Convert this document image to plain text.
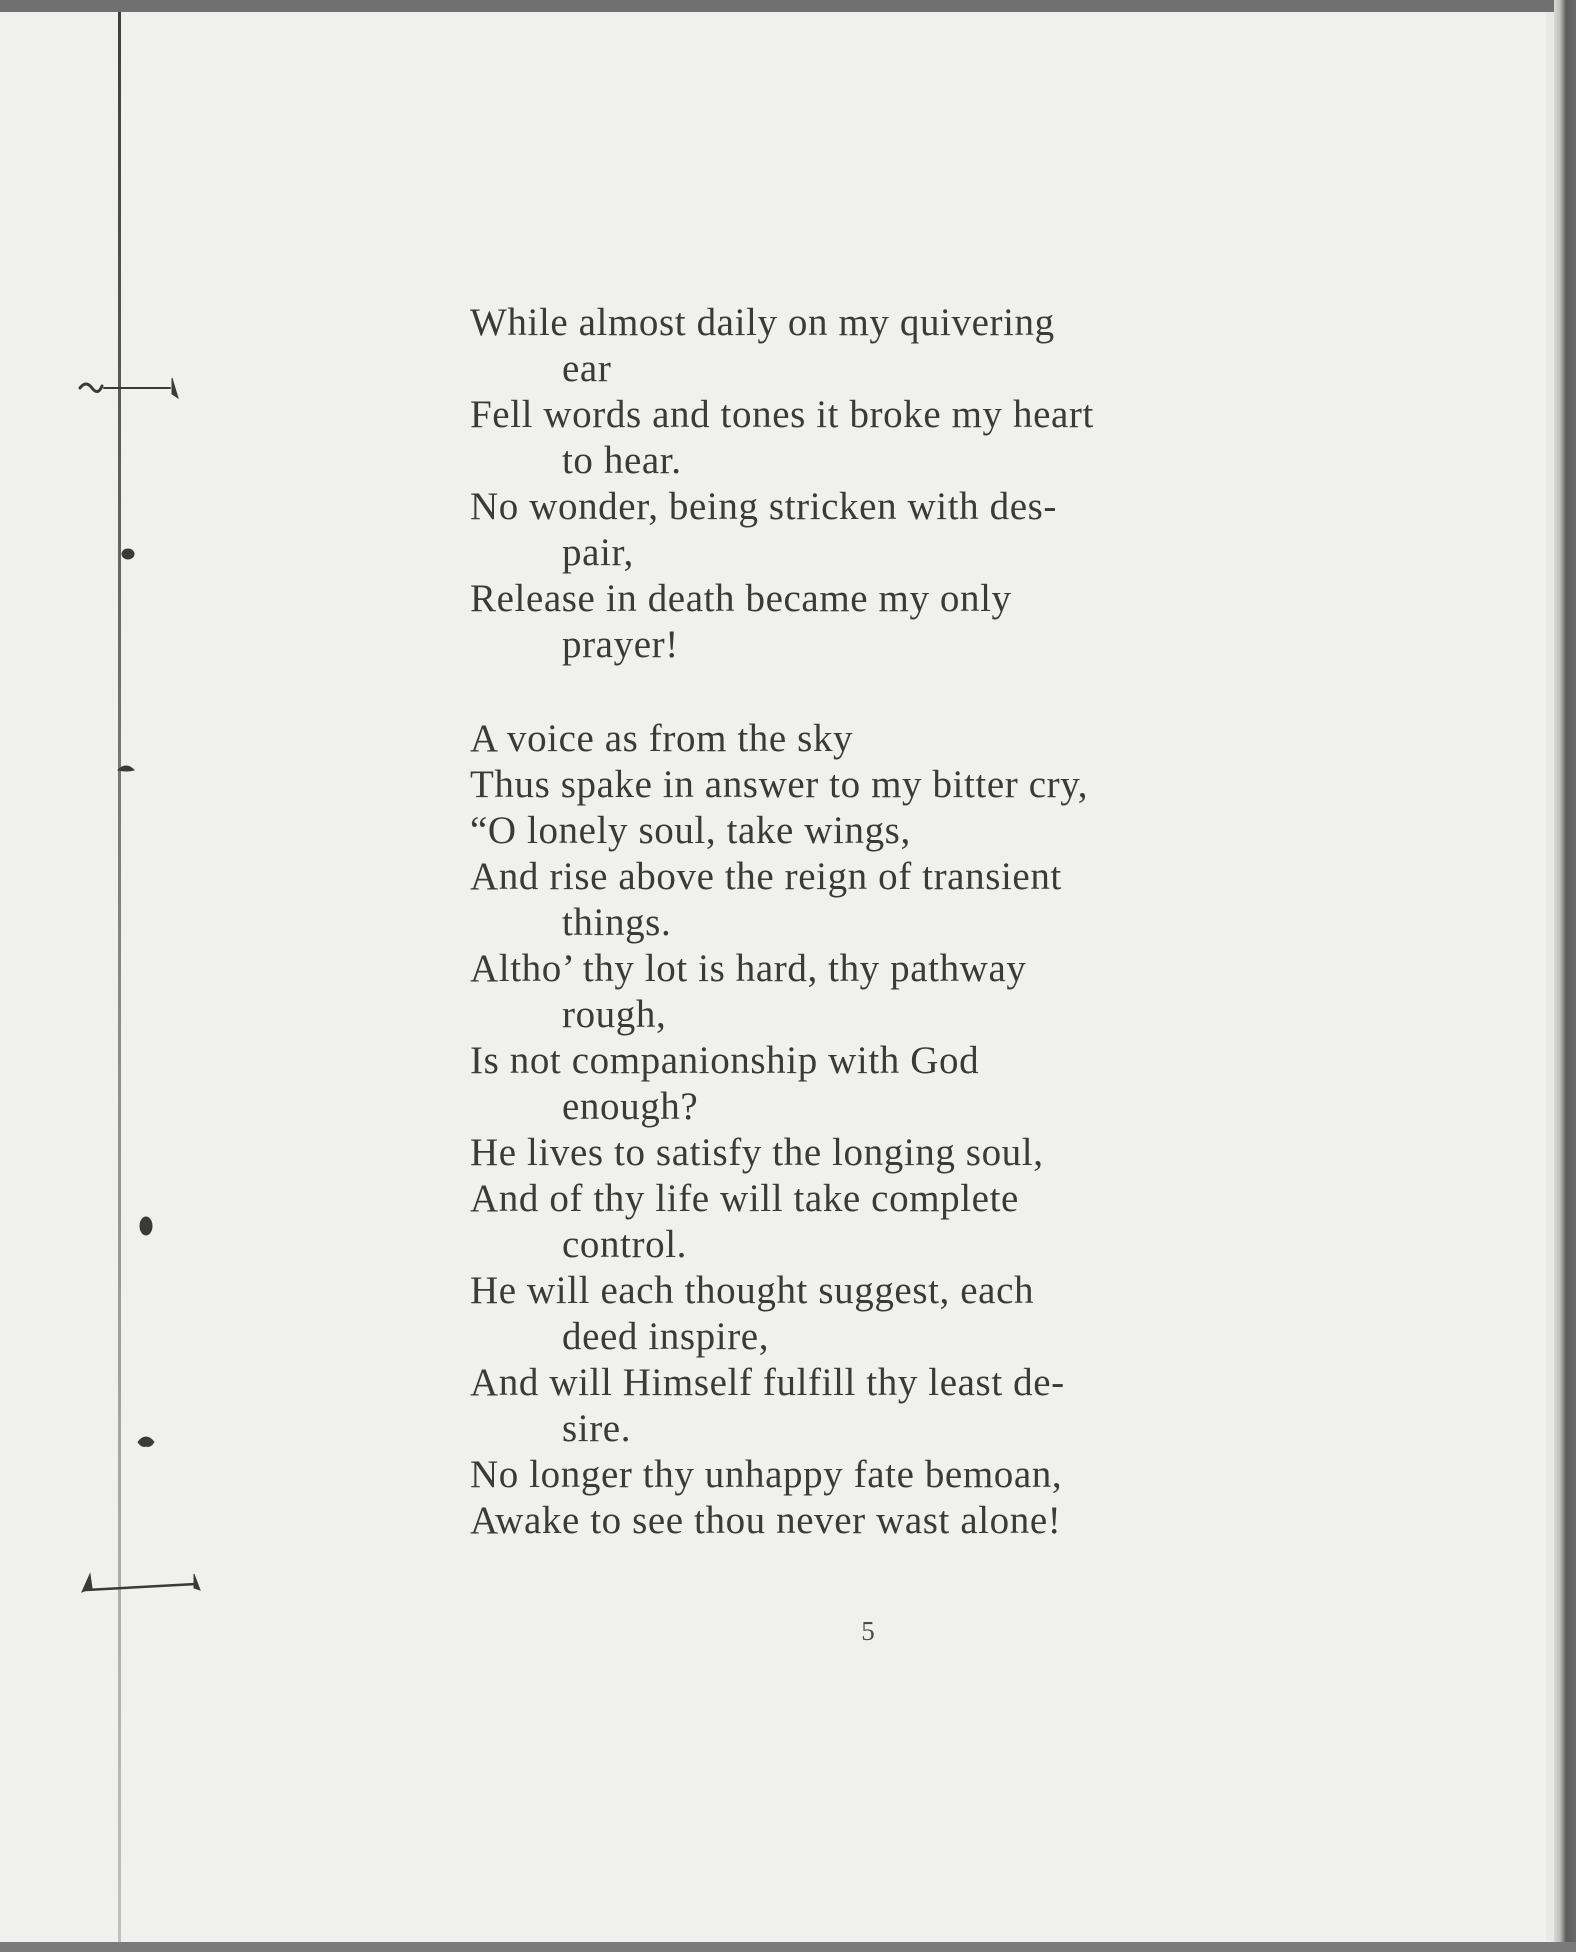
While almost daily on my quivering
ear
Fell words and tones it broke my heart
to hear.
No wonder, being stricken with des-
pair,
Release in death became my only
prayer!
A voice as from the sky
Thus spake in answer to my bitter cry,
“O lonely soul, take wings,
And rise above the reign of transient
things.
Altho’ thy lot is hard, thy pathway
rough,
Is not companionship with God
enough?
He lives to satisfy the longing soul,
And of thy life will take complete
control.
He will each thought suggest, each
deed inspire,
And will Himself fulfill thy least de-
sire.
No longer thy unhappy fate bemoan,
Awake to see thou never wast alone!
5
